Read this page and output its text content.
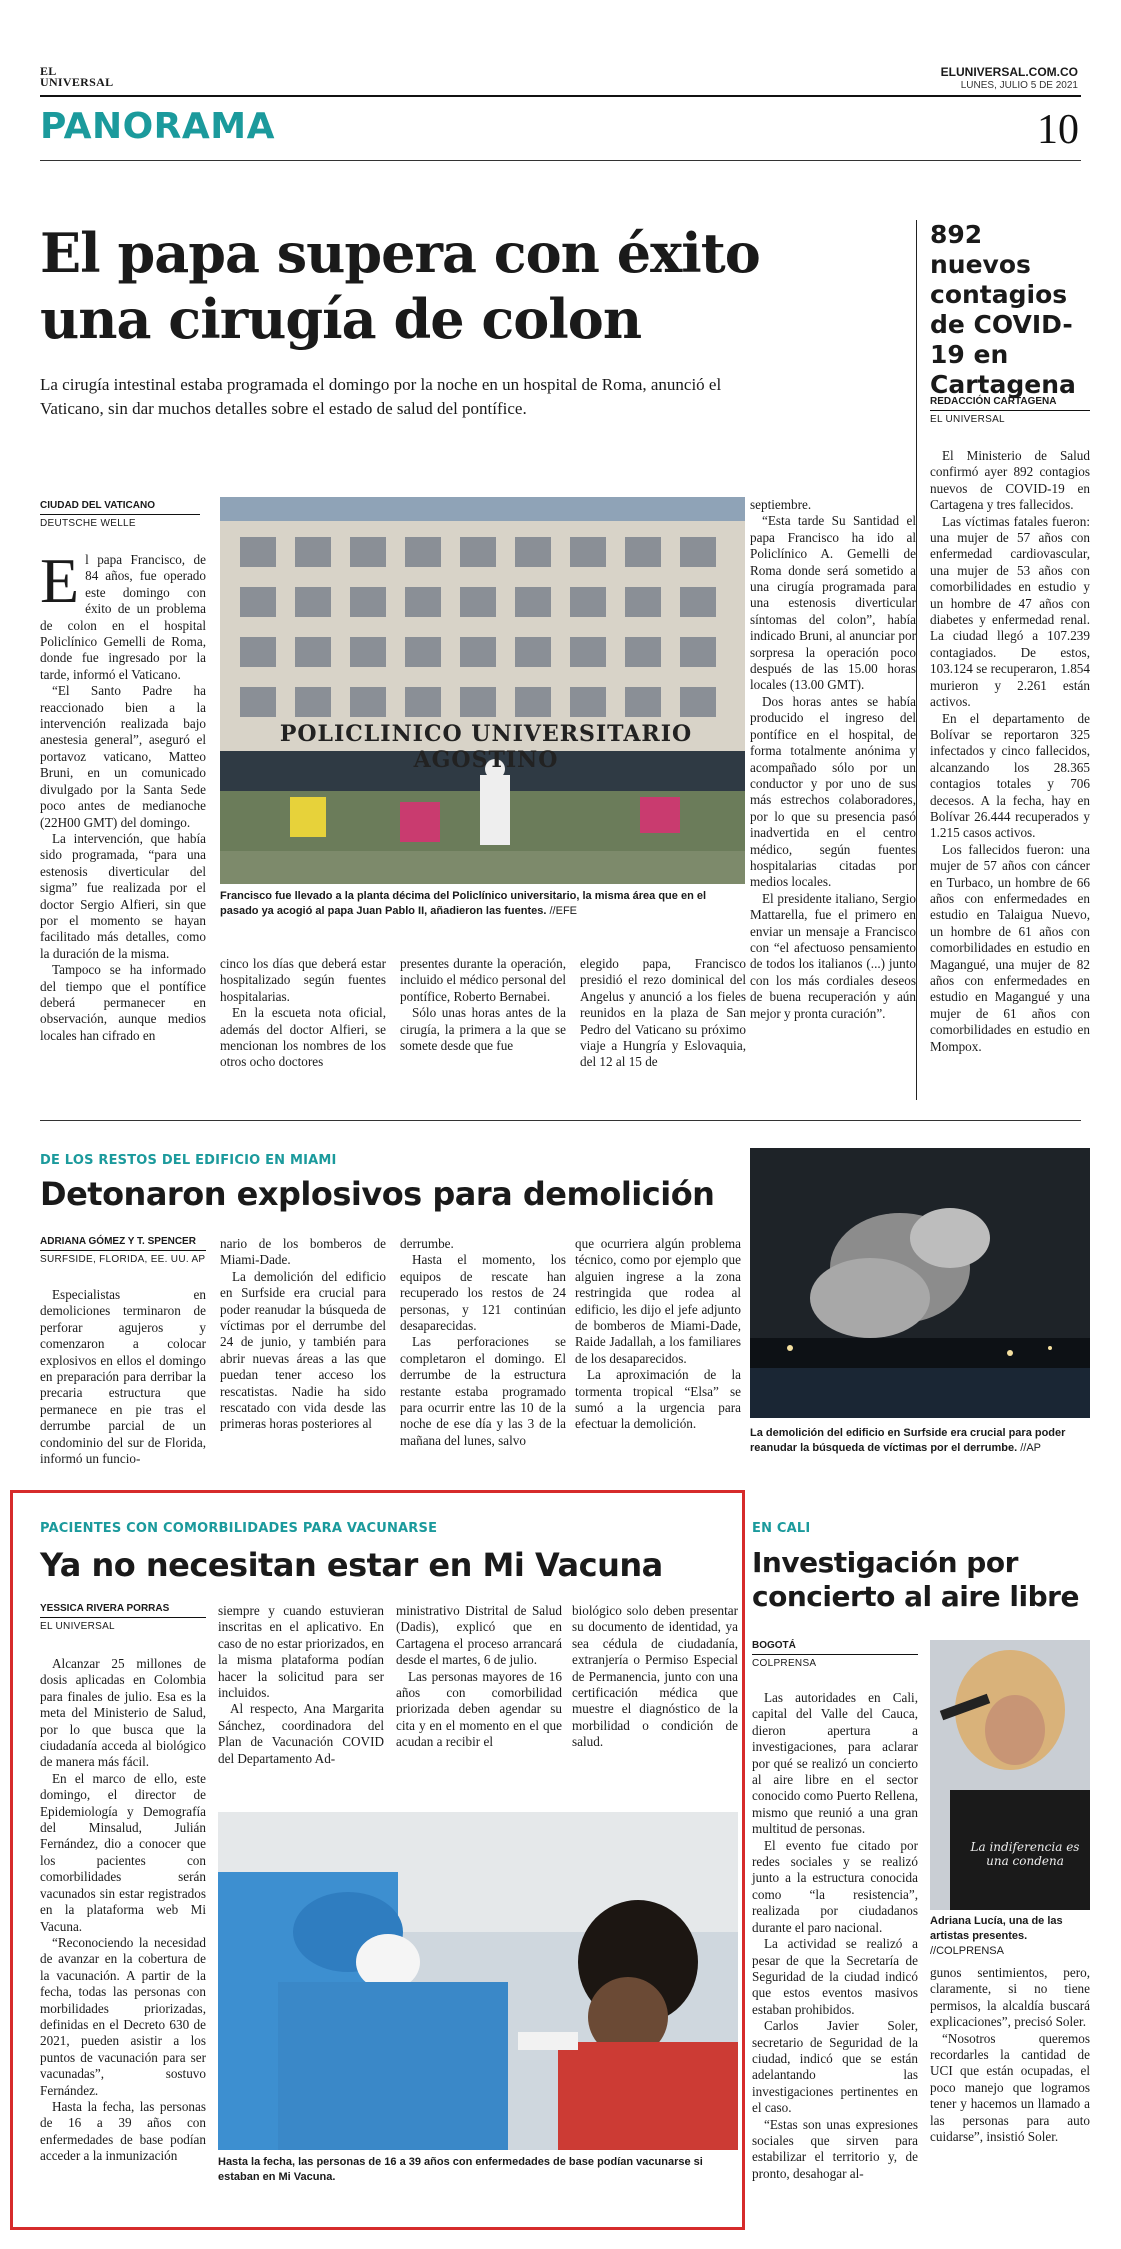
EL UNIVERSAL
ELUNIVERSAL.COM.CO
LUNES, JULIO 5 DE 2021
PANORAMA	10
El papa supera con éxito
una cirugía de colon
La cirugía intestinal estaba programada el domingo por la noche en un hospital de Roma, anunció el Vaticano, sin dar muchos detalles sobre el estado de salud del pontífice.
CIUDAD DEL VATICANO
DEUTSCHE WELLE

El papa Francisco, de 84 años, fue operado este domingo con éxito de un problema de colon en el hospital Policlínico Gemelli de Roma, donde fue ingresado por la tarde, informó el Vaticano.

“El Santo Padre ha reaccionado bien a la intervención realizada bajo anestesia general”, aseguró el portavoz vaticano, Matteo Bruni, en un comunicado divulgado por la Santa Sede poco antes de medianoche (22H00 GMT) del domingo.

La intervención, que había sido programada, “para una estenosis diverticular del sigma” fue realizada por el doctor Sergio Alfieri, sin que por el momento se hayan facilitado más detalles, como la duración de la misma.

Tampoco se ha informado del tiempo que el pontífice deberá permanecer en observación, aunque medios locales han cifrado en

POLICLINICO UNIVERSITARIO AGOSTINO
Francisco fue llevado a la planta décima del Policlínico universitario, la misma área que en el pasado ya acogió al papa Juan Pablo II, añadieron las fuentes. //EFE

cinco los días que deberá estar hospitalizado según fuentes hospitalarias.

En la escueta nota oficial, además del doctor Alfieri, se mencionan los nombres de los otros ocho doctores

presentes durante la operación, incluido el médico personal del pontífice, Roberto Bernabei.

Sólo unas horas antes de la cirugía, la primera a la que se somete desde que fue

elegido papa, Francisco presidió el rezo dominical del Angelus y anunció a los fieles reunidos en la plaza de San Pedro del Vaticano su próximo viaje a Hungría y Eslovaquia, del 12 al 15 de

septiembre.

“Esta tarde Su Santidad el papa Francisco ha ido al Policlínico A. Gemelli de Roma donde será sometido a una cirugía programada para una estenosis diverticular síntomas del colon”, había indicado Bruni, al anunciar por sorpresa la operación poco después de las 15.00 horas locales (13.00 GMT).

Dos horas antes se había producido el ingreso del pontífice en el hospital, de forma totalmente anónima y acompañado sólo por un conductor y por uno de sus más estrechos colaboradores, por lo que su presencia pasó inadvertida en el centro médico, según fuentes hospitalarias citadas por medios locales.

El presidente italiano, Sergio Mattarella, fue el primero en enviar un mensaje a Francisco con “el afectuoso pensamiento de todos los italianos (...) junto con los más cordiales deseos de buena recuperación y aún mejor y pronta curación”.

892 nuevos contagios de COVID-19 en Cartagena
REDACCIÓN CARTAGENA
EL UNIVERSAL

El Ministerio de Salud confirmó ayer 892 contagios nuevos de COVID-19 en Cartagena y tres fallecidos.

Las víctimas fatales fueron: una mujer de 57 años con enfermedad cardiovascular, una mujer de 53 años con comorbilidades en estudio y un hombre de 47 años con diabetes y enfermedad renal. La ciudad llegó a 107.239 contagiados. De estos, 103.124 se recuperaron, 1.854 murieron y 2.261 están activos.

En el departamento de Bolívar se reportaron 325 infectados y cinco fallecidos, alcanzando los 28.365 contagios totales y 706 decesos. A la fecha, hay en Bolívar 26.444 recuperados y 1.215 casos activos.

Los fallecidos fueron: una mujer de 57 años con cáncer en Turbaco, un hombre de 66 años con enfermedades en estudio en Talaigua Nuevo, un hombre de 61 años con comorbilidades en estudio en Magangué, una mujer de 82 años con enfermedades en estudio en Magangué y una mujer de 61 años con comorbilidades en estudio en Mompox.

DE LOS RESTOS DEL EDIFICIO EN MIAMI
Detonaron explosivos para demolición
ADRIANA GÓMEZ Y T. SPENCER
SURFSIDE, FLORIDA, EE. UU. AP

Especialistas en demoliciones terminaron de perforar agujeros y comenzaron a colocar explosivos en ellos el domingo en preparación para derribar la precaria estructura que permanece en pie tras el derrumbe parcial de un condominio del sur de Florida, informó un funcio-

nario de los bomberos de Miami-Dade.

La demolición del edificio en Surfside era crucial para poder reanudar la búsqueda de víctimas por el derrumbe del 24 de junio, y también para abrir nuevas áreas a las que puedan tener acceso los rescatistas. Nadie ha sido rescatado con vida desde las primeras horas posteriores al

derrumbe.

Hasta el momento, los equipos de rescate han recuperado los restos de 24 personas, y 121 continúan desaparecidas.

Las perforaciones se completaron el domingo. El derrumbe de la estructura restante estaba programado para ocurrir entre las 10 de la noche de ese día y las 3 de la mañana del lunes, salvo

que ocurriera algún problema técnico, como por ejemplo que alguien ingrese a la zona restringida que rodea al edificio, les dijo el jefe adjunto de bomberos de Miami-Dade, Raide Jadallah, a los familiares de los desaparecidos.

La aproximación de la tormenta tropical “Elsa” se sumó a la urgencia para efectuar la demolición.

La demolición del edificio en Surfside era crucial para poder reanudar la búsqueda de víctimas por el derrumbe. //AP
PACIENTES CON COMORBILIDADES PARA VACUNARSE
Ya no necesitan estar en Mi Vacuna
YESSICA RIVERA PORRAS
EL UNIVERSAL

Alcanzar 25 millones de dosis aplicadas en Colombia para finales de julio. Esa es la meta del Ministerio de Salud, por lo que busca que la ciudadanía acceda al biológico de manera más fácil.

En el marco de ello, este domingo, el director de Epidemiología y Demografía del Minsalud, Julián Fernández, dio a conocer que los pacientes con comorbilidades serán vacunados sin estar registrados en la plataforma web Mi Vacuna.

“Reconociendo la necesidad de avanzar en la cobertura de la vacunación. A partir de la fecha, todas las personas con morbilidades priorizadas, definidas en el Decreto 630 de 2021, pueden asistir a los puntos de vacunación para ser vacunadas”, sostuvo Fernández.

Hasta la fecha, las personas de 16 a 39 años con enfermedades de base podían acceder a la inmunización

siempre y cuando estuvieran inscritas en el aplicativo. En caso de no estar priorizados, en la misma plataforma podían hacer la solicitud para ser incluidos.

Al respecto, Ana Margarita Sánchez, coordinadora del Plan de Vacunación COVID del Departamento Ad-

ministrativo Distrital de Salud (Dadis), explicó que en Cartagena el proceso arrancará desde el martes, 6 de julio.

Las personas mayores de 16 años con comorbilidad priorizada deben agendar su cita y en el momento en el que acudan a recibir el

biológico solo deben presentar su documento de identidad, ya sea cédula de ciudadanía, extranjería o Permiso Especial de Permanencia, junto con una certificación médica que muestre el diagnóstico de la morbilidad o condición de salud.

Hasta la fecha, las personas de 16 a 39 años con enfermedades de base podían vacunarse si estaban en Mi Vacuna.
EN CALI
Investigación por
concierto al aire libre
BOGOTÁ
COLPRENSA

Las autoridades en Cali, capital del Valle del Cauca, dieron apertura a investigaciones, para aclarar por qué se realizó un concierto al aire libre en el sector conocido como Puerto Rellena, mismo que reunió a una gran multitud de personas.

El evento fue citado por redes sociales y se realizó junto a la estructura conocida como “la resistencia”, realizada por ciudadanos durante el paro nacional.

La actividad se realizó a pesar de que la Secretaría de Seguridad de la ciudad indicó que estos eventos masivos estaban prohibidos.

Carlos Javier Soler, secretario de Seguridad de la ciudad, indicó que se están adelantando las investigaciones pertinentes en el caso.

“Estas son unas expresiones sociales que sirven para estabilizar el territorio y, de pronto, desahogar al-

La indiferencia es una condena
Adriana Lucía, una de las artistas presentes. //COLPRENSA

gunos sentimientos, pero, claramente, si no tiene permisos, la alcaldía buscará explicaciones”, precisó Soler.

“Nosotros queremos recordarles la cantidad de UCI que están ocupadas, el poco manejo que logramos tener y hacemos un llamado a las personas para auto cuidarse”, insistió Soler.
